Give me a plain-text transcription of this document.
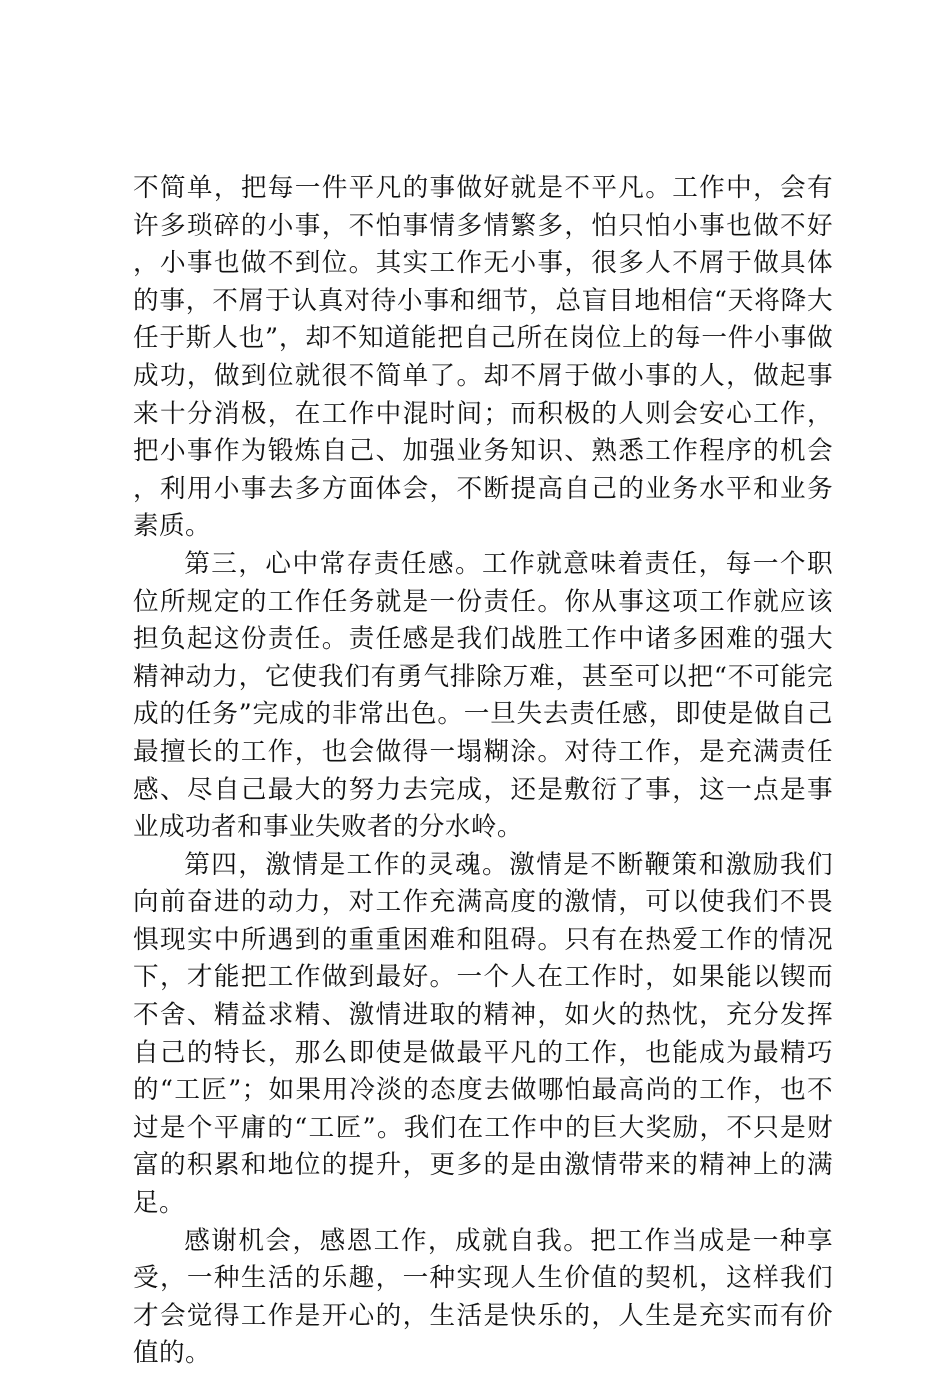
不简单，把每一件平凡的事做好就是不平凡。工作中，会有许多琐碎的小事，不怕事情多情繁多，怕只怕小事也做不好，小事也做不到位。其实工作无小事，很多人不屑于做具体的事，不屑于认真对待小事和细节，总盲目地相信“天将降大任于斯人也”，却不知道能把自己所在岗位上的每一件小事做成功，做到位就很不简单了。却不屑于做小事的人，做起事来十分消极，在工作中混时间；而积极的人则会安心工作，把小事作为锻炼自己、加强业务知识、熟悉工作程序的机会，利用小事去多方面体会，不断提高自己的业务水平和业务素质。

第三，心中常存责任感。工作就意味着责任，每一个职位所规定的工作任务就是一份责任。你从事这项工作就应该担负起这份责任。责任感是我们战胜工作中诸多困难的强大精神动力，它使我们有勇气排除万难，甚至可以把“不可能完成的任务”完成的非常出色。一旦失去责任感，即使是做自己最擅长的工作，也会做得一塌糊涂。对待工作，是充满责任感、尽自己最大的努力去完成，还是敷衍了事，这一点是事业成功者和事业失败者的分水岭。

第四，激情是工作的灵魂。激情是不断鞭策和激励我们向前奋进的动力，对工作充满高度的激情，可以使我们不畏惧现实中所遇到的重重困难和阻碍。只有在热爱工作的情况下，才能把工作做到最好。一个人在工作时，如果能以锲而不舍、精益求精、激情进取的精神，如火的热忱，充分发挥自己的特长，那么即使是做最平凡的工作，也能成为最精巧的“工匠”；如果用冷淡的态度去做哪怕最高尚的工作，也不过是个平庸的“工匠”。我们在工作中的巨大奖励，不只是财富的积累和地位的提升，更多的是由激情带来的精神上的满足。

感谢机会，感恩工作，成就自我。把工作当成是一种享受，一种生活的乐趣，一种实现人生价值的契机，这样我们才会觉得工作是开心的，生活是快乐的，人生是充实而有价值的。
